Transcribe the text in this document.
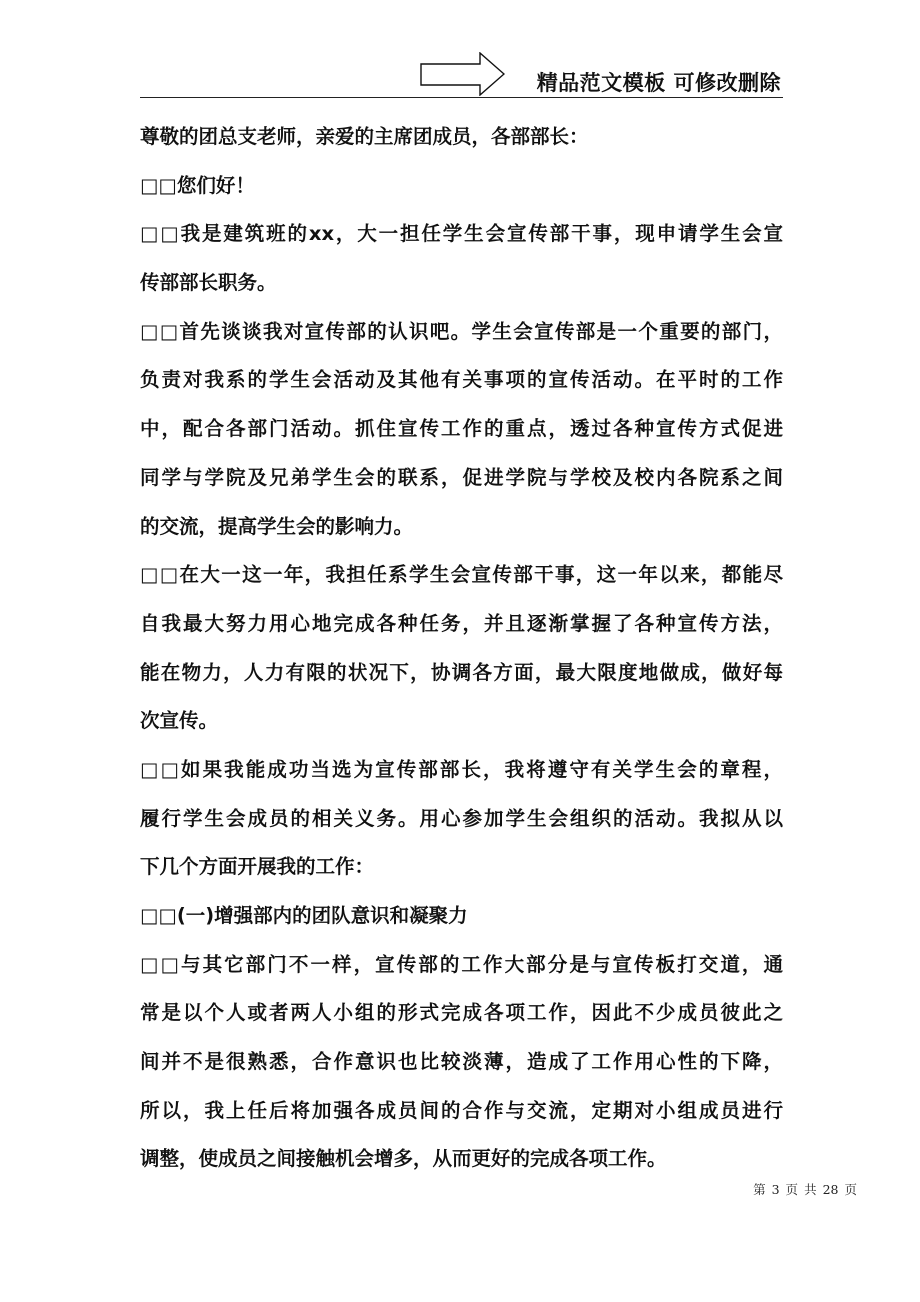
精品范文模板 可修改删除
尊敬的团总支老师，亲爱的主席团成员，各部部长：
□□您们好！
□□我是建筑班的xx，大一担任学生会宣传部干事，现申请学生会宣
传部部长职务。
□□首先谈谈我对宣传部的认识吧。学生会宣传部是一个重要的部门，
负责对我系的学生会活动及其他有关事项的宣传活动。在平时的工作
中，配合各部门活动。抓住宣传工作的重点，透过各种宣传方式促进
同学与学院及兄弟学生会的联系，促进学院与学校及校内各院系之间
的交流，提高学生会的影响力。
□□在大一这一年，我担任系学生会宣传部干事，这一年以来，都能尽
自我最大努力用心地完成各种任务，并且逐渐掌握了各种宣传方法，
能在物力，人力有限的状况下，协调各方面，最大限度地做成，做好每
次宣传。
□□如果我能成功当选为宣传部部长，我将遵守有关学生会的章程，
履行学生会成员的相关义务。用心参加学生会组织的活动。我拟从以
下几个方面开展我的工作：
□□(一)增强部内的团队意识和凝聚力
□□与其它部门不一样，宣传部的工作大部分是与宣传板打交道，通
常是以个人或者两人小组的形式完成各项工作，因此不少成员彼此之
间并不是很熟悉，合作意识也比较淡薄，造成了工作用心性的下降，
所以，我上任后将加强各成员间的合作与交流，定期对小组成员进行
调整，使成员之间接触机会增多，从而更好的完成各项工作。
第 3 页 共 28 页
